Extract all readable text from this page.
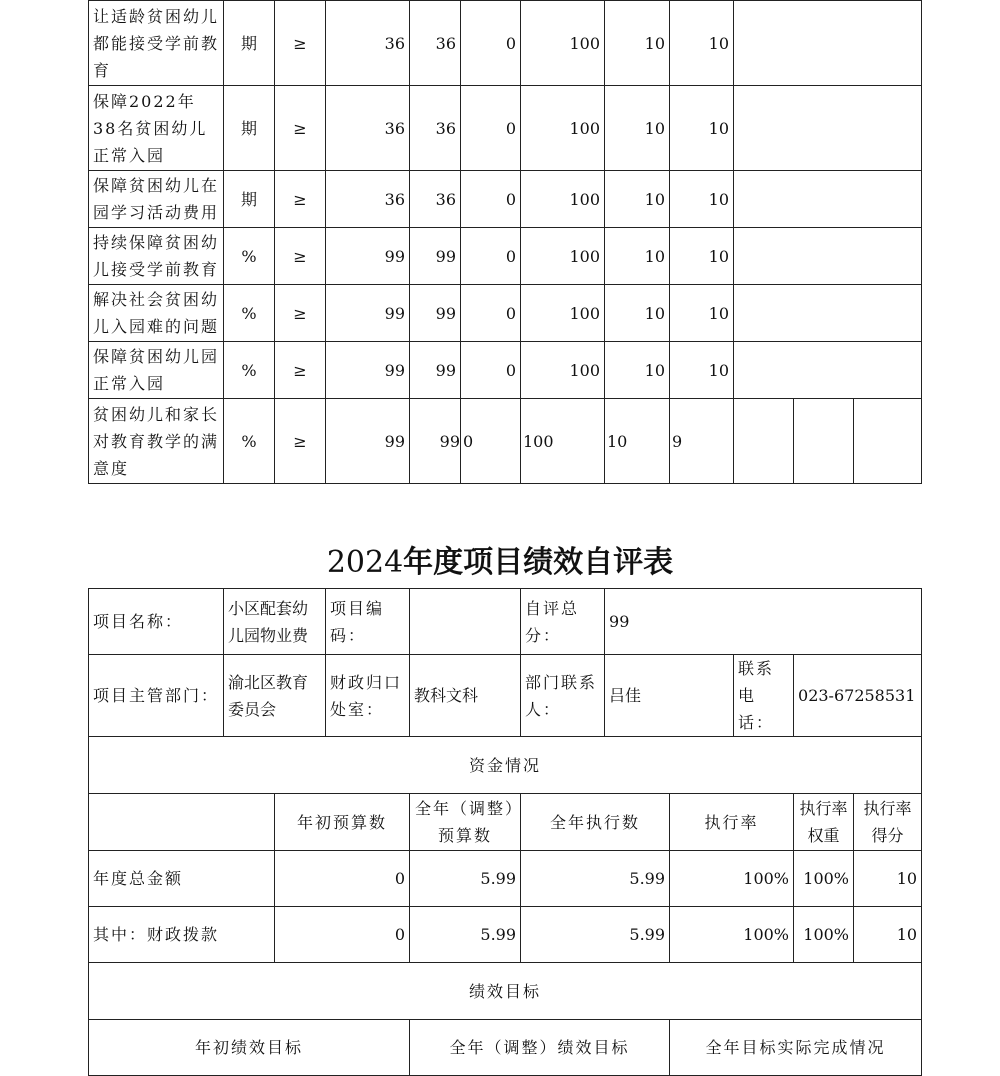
让适龄贫困幼儿都能接受学前教育	期	≥	36	36	0	100	10	10			
保障2022年38名贫困幼儿正常入园	期	≥	36	36	0	100	10	10			
保障贫困幼儿在园学习活动费用	期	≥	36	36	0	100	10	10			
持续保障贫困幼儿接受学前教育	%	≥	99	99	0	100	10	10			
解决社会贫困幼儿入园难的问题	%	≥	99	99	0	100	10	10			
保障贫困幼儿园正常入园	%	≥	99	99	0	100	10	10			
贫困幼儿和家长对教育教学的满意度	%	≥	99	99	0	100	10	9			
2024年度项目绩效自评表
项目名称：	小区配套幼儿园物业费		项目编码：		自评总分：	99				
项目主管部门：	渝北区教育委员会		财政归口处室：	教科文科	部门联系人：	吕佳		联系电话：	023-67258531	
资金情况										
		年初预算数		全年（调整）预算数	全年执行数		执行率		执行率权重	执行率得分
年度总金额		0		5.99	5.99		100%		100%	10
其中：财政拨款		0		5.99	5.99		100%		100%	10
绩效目标										
年初绩效目标				全年（调整）绩效目标			全年目标实际完成情况			
